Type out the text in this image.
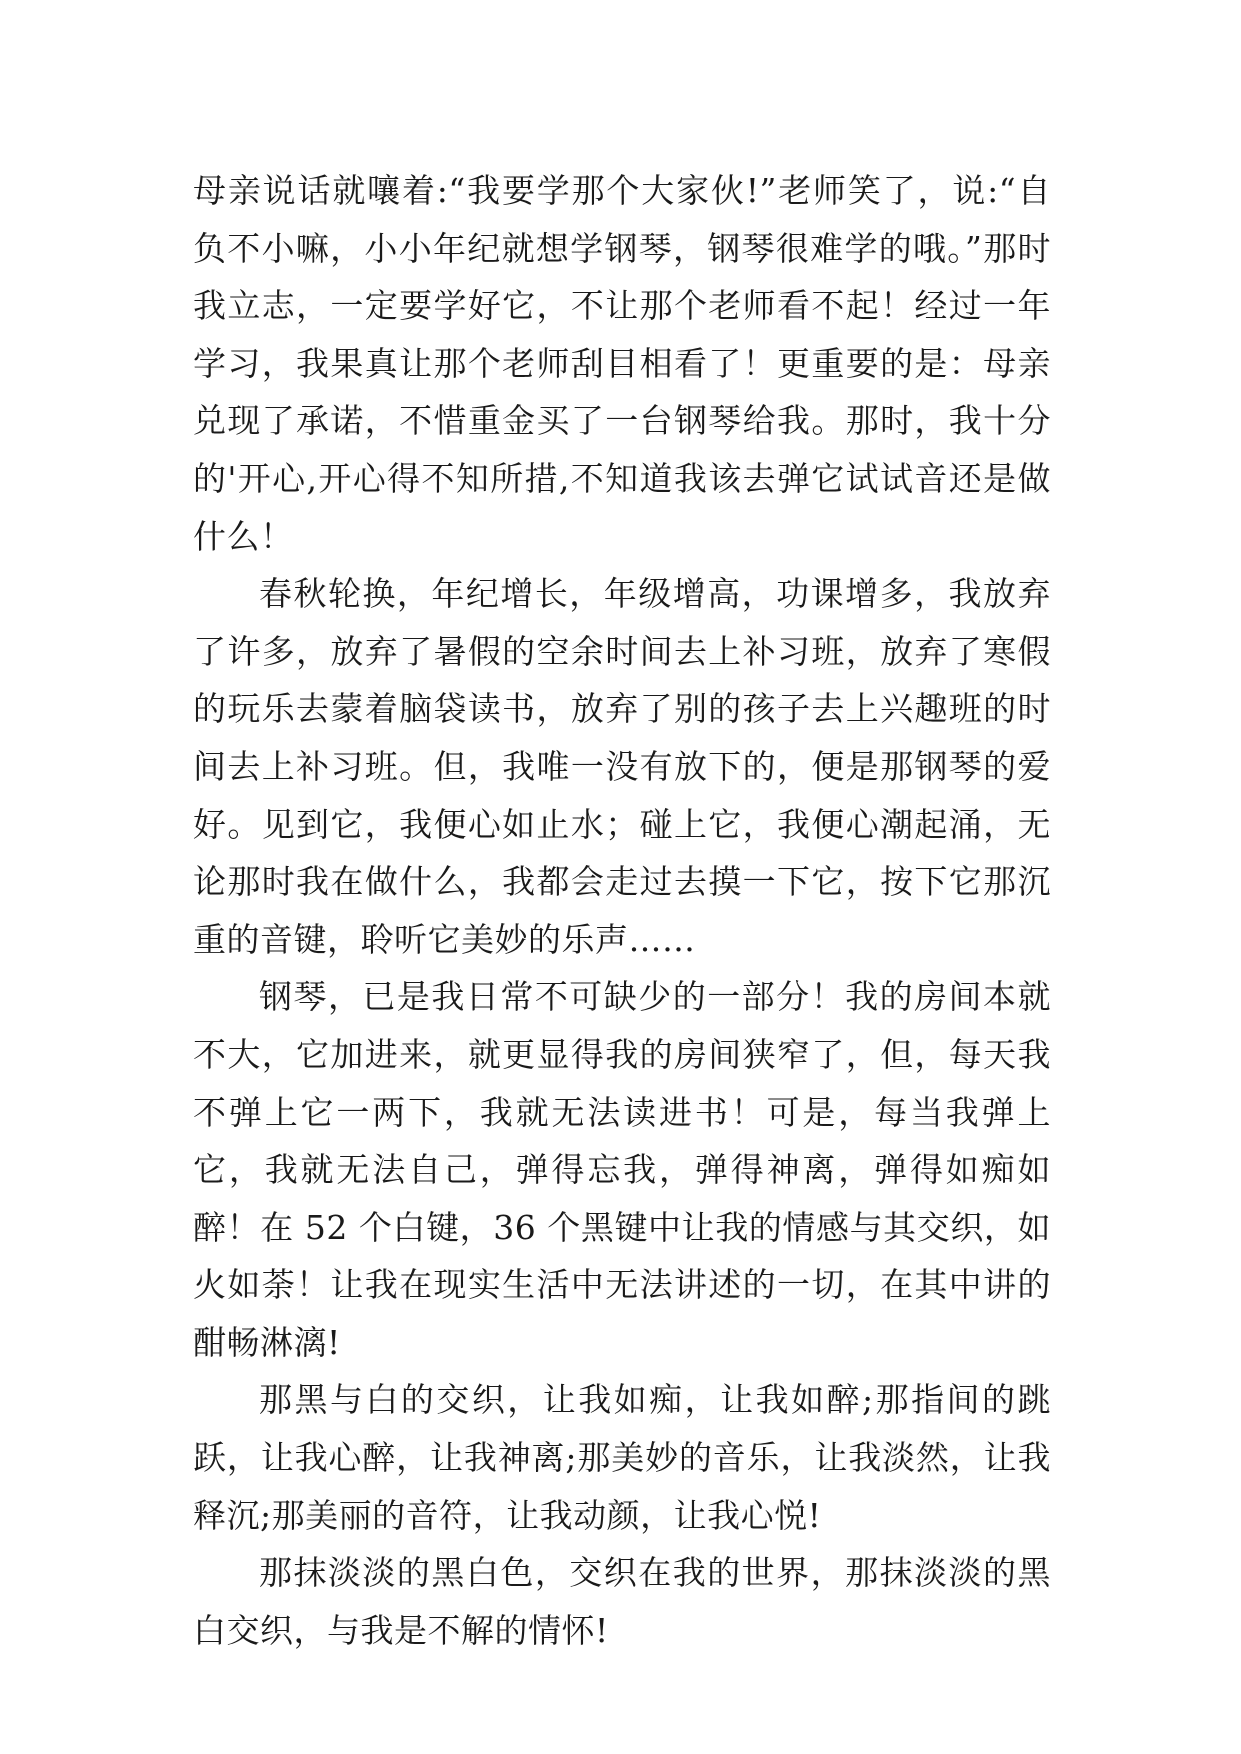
母亲说话就嚷着:“我要学那个大家伙!”老师笑了，说:“自负不小嘛，小小年纪就想学钢琴，钢琴很难学的哦。”那时我立志，一定要学好它，不让那个老师看不起！经过一年学习，我果真让那个老师刮目相看了！更重要的是：母亲兑现了承诺，不惜重金买了一台钢琴给我。那时，我十分的'开心,开心得不知所措,不知道我该去弹它试试音还是做什么！

春秋轮换，年纪增长，年级增高，功课增多，我放弃了许多，放弃了暑假的空余时间去上补习班，放弃了寒假的玩乐去蒙着脑袋读书，放弃了别的孩子去上兴趣班的时间去上补习班。但，我唯一没有放下的，便是那钢琴的爱好。见到它，我便心如止水；碰上它，我便心潮起涌，无论那时我在做什么，我都会走过去摸一下它，按下它那沉重的音键，聆听它美妙的乐声……

钢琴，已是我日常不可缺少的一部分！我的房间本就不大，它加进来，就更显得我的房间狭窄了，但，每天我不弹上它一两下，我就无法读进书！可是，每当我弹上它，我就无法自己，弹得忘我，弹得神离，弹得如痴如醉！在 52 个白键，36 个黑键中让我的情感与其交织，如火如荼！让我在现实生活中无法讲述的一切，在其中讲的酣畅淋漓!

那黑与白的交织，让我如痴，让我如醉;那指间的跳跃，让我心醉，让我神离;那美妙的音乐，让我淡然，让我释沉;那美丽的音符，让我动颜，让我心悦!

那抹淡淡的黑白色，交织在我的世界，那抹淡淡的黑白交织，与我是不解的情怀!
